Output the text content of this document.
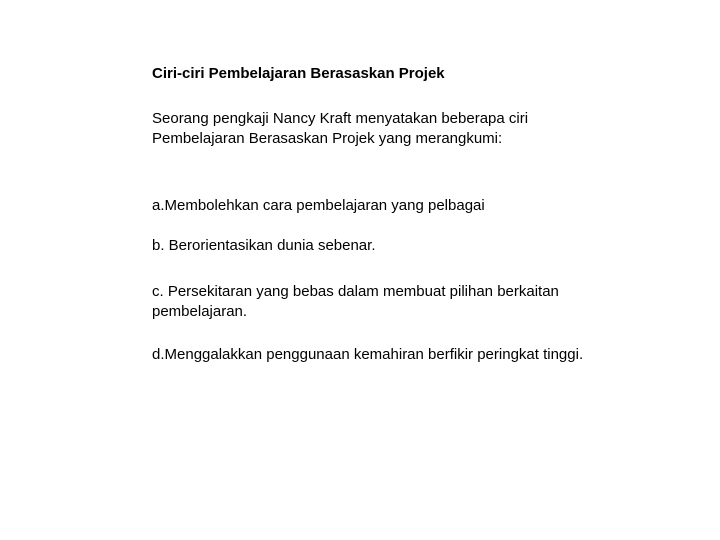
Ciri-ciri Pembelajaran Berasaskan Projek
Seorang pengkaji Nancy Kraft menyatakan beberapa ciri
Pembelajaran Berasaskan Projek yang merangkumi:
a.Membolehkan cara pembelajaran yang pelbagai
b. Berorientasikan dunia sebenar.
c. Persekitaran yang bebas dalam membuat pilihan berkaitan pembelajaran.
d.Menggalakkan penggunaan kemahiran berfikir peringkat tinggi.
